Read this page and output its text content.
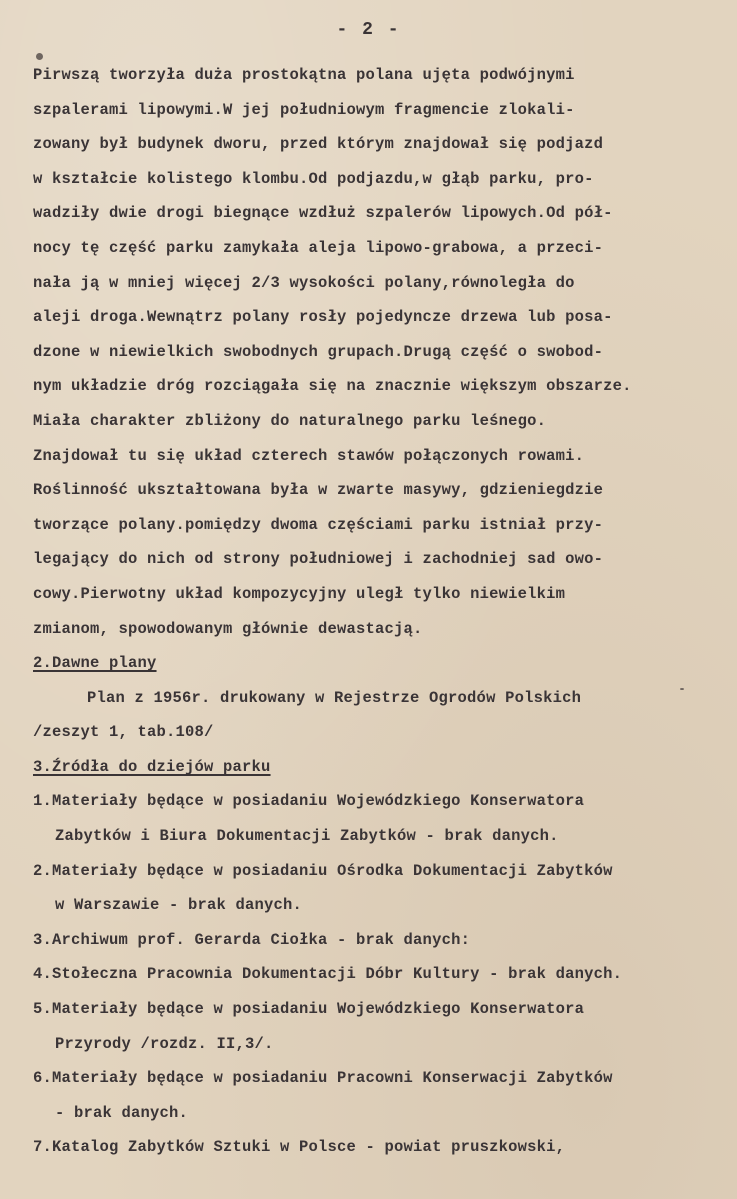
- 2 -
Pirwszą tworzyła duża prostokątna polana ujęta podwójnymi
szpalerami lipowymi.W jej południowym fragmencie zlokali-
zowany był budynek dworu, przed którym znajdował się podjazd
w kształcie kolistego klombu.Od podjazdu,w głąb parku, pro-
wadziły dwie drogi biegnące wzdłuż szpalerów lipowych.Od pół-
nocy tę część parku zamykała aleja lipowo-grabowa, a przeci-
nała ją w mniej więcej 2/3 wysokości polany,równoległa do
aleji droga.Wewnątrz polany rosły pojedyncze drzewa lub posa-
dzone w niewielkich swobodnych grupach.Drugą część o swobod-
nym układzie dróg rozciągała się na znacznie większym obszarze.
Miała charakter zbliżony do naturalnego parku leśnego.
Znajdował tu się układ czterech stawów połączonych rowami.
Roślinność ukształtowana była w zwarte masywy, gdzieniegdzie
tworzące polany.pomiędzy dwoma częściami parku istniał przy-
legający do nich od strony południowej i zachodniej sad owo-
cowy.Pierwotny układ kompozycyjny uległ tylko niewielkim
zmianom, spowodowanym głównie dewastacją.
2.Dawne plany
Plan z 1956r. drukowany w Rejestrze Ogrodów Polskich
/zeszyt 1, tab.108/
3.Źródła do dziejów parku
1.Materiały będące w posiadaniu Wojewódzkiego Konserwatora
Zabytków i Biura Dokumentacji Zabytków - brak danych.
2.Materiały będące w posiadaniu Ośrodka Dokumentacji Zabytków
w Warszawie - brak danych.
3.Archiwum prof. Gerarda Ciołka - brak danych:
4.Stołeczna Pracownia Dokumentacji Dóbr Kultury - brak danych.
5.Materiały będące w posiadaniu Wojewódzkiego Konserwatora
Przyrody /rozdz. II,3/.
6.Materiały będące w posiadaniu Pracowni Konserwacji Zabytków
- brak danych.
7.Katalog Zabytków Sztuki w Polsce - powiat pruszkowski,
